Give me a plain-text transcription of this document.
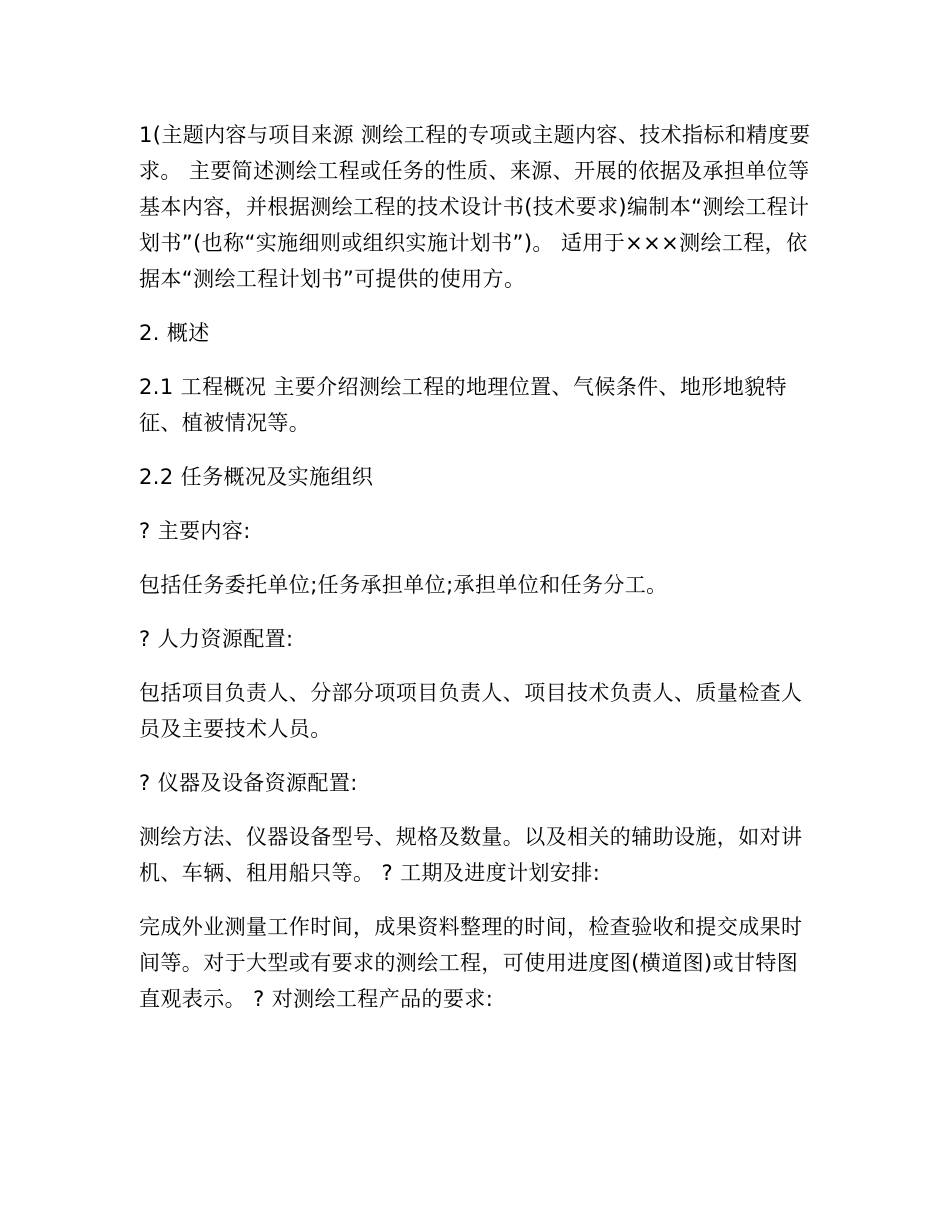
1(主题内容与项目来源 测绘工程的专项或主题内容、技术指标和精度要求。 主要简述测绘工程或任务的性质、来源、开展的依据及承担单位等基本内容，并根据测绘工程的技术设计书(技术要求)编制本“测绘工程计划书”(也称“实施细则或组织实施计划书”)。 适用于×××测绘工程，依据本“测绘工程计划书”可提供的使用方。

2. 概述

2.1 工程概况 主要介绍测绘工程的地理位置、气候条件、地形地貌特征、植被情况等。

2.2 任务概况及实施组织

? 主要内容:

包括任务委托单位;任务承担单位;承担单位和任务分工。

? 人力资源配置:

包括项目负责人、分部分项项目负责人、项目技术负责人、质量检查人员及主要技术人员。

? 仪器及设备资源配置:

测绘方法、仪器设备型号、规格及数量。以及相关的辅助设施，如对讲机、车辆、租用船只等。 ? 工期及进度计划安排:

完成外业测量工作时间，成果资料整理的时间，检查验收和提交成果时间等。对于大型或有要求的测绘工程，可使用进度图(横道图)或甘特图直观表示。 ? 对测绘工程产品的要求:
